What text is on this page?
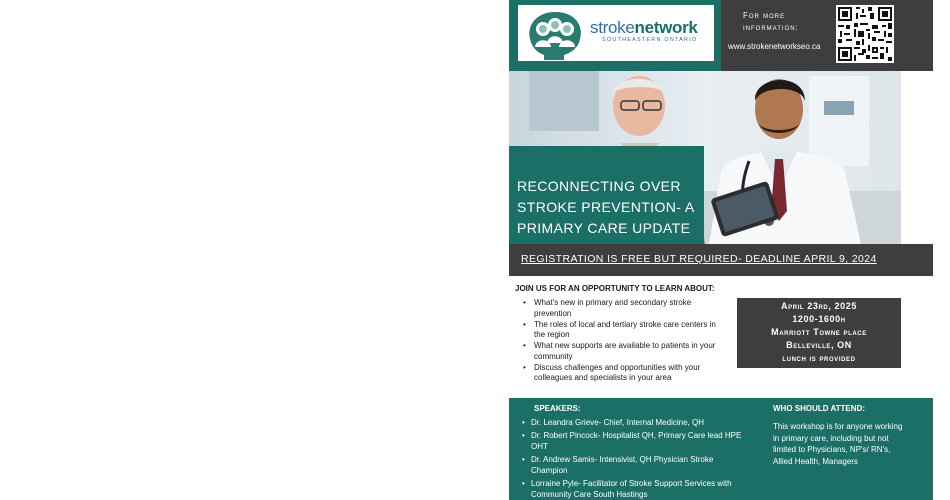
strokenetwork
SOUTHEASTERN ONTARIO
For more
information:
www.strokenetworkseo.ca
RECONNECTING OVER
STROKE PREVENTION- A
PRIMARY CARE UPDATE
REGISTRATION IS FREE BUT REQUIRED- DEADLINE APRIL 9, 2024
JOIN US FOR AN OPPORTUNITY TO LEARN ABOUT:
• What's new in primary and secondary stroke prevention
• The roles of local and tertiary stroke care centers in the region
• What new supports are available to patients in your community
• Discuss challenges and opportunities with your colleagues and specialists in your area
April 23rd, 2025
1200-1600h
Marriott Towne place
Belleville, ON
lunch is provided
SPEAKERS:
• Dr. Leandra Grieve- Chief, Internal Medicine, QH
• Dr. Robert Pincock- Hospitalist QH, Primary Care lead HPE OHT
• Dr. Andrew Samis- Intensivist, QH Physician Stroke Champion
• Lorraine Pyle- Facilitator of Stroke Support Services with Community Care South Hastings
WHO SHOULD ATTEND:
This workshop is for anyone working in primary care, including but not limited to Physicians, NP's/ RN's, Allied Health, Managers
